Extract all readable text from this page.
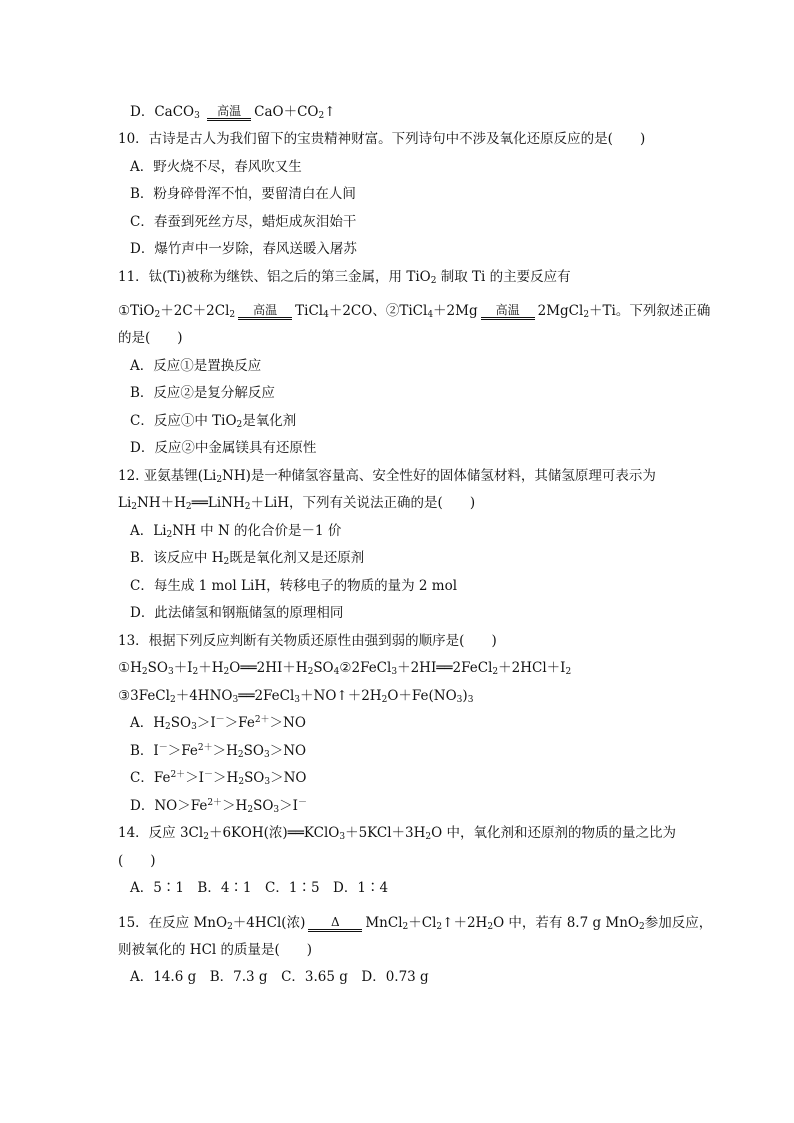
D．CaCO$_3$ 高温 $CaO+CO_2↑$
10．古诗是古人为我们留下的宝贵精神财富。下列诗句中不涉及氧化还原反应的是(　　)
A．野火烧不尽，春风吹又生
B．粉身碎骨浑不怕，要留清白在人间
C．春蚕到死丝方尽，蜡炬成灰泪始干
D．爆竹声中一岁除，春风送暖入屠苏
11．钛(Ti)被称为继铁、铝之后的第三金属，用 TiO$_2$ 制取 Ti 的主要反应有
$①TiO_2+2C+2Cl_2$ 高温 TiCl$_4$＋2CO、②TiCl$_4$＋2Mg 高温 2MgCl$_2$＋Ti。下列叙述正确
的是(　　)
A．反应①是置换反应
B．反应②是复分解反应
C．反应①中 TiO$_2$是氧化剂
D．反应②中金属镁具有还原性
12. 亚氨基锂$(Li_2NH)$是一种储氢容量高、安全性好的固体储氢材料，其储氢原理可表示为
$Li_2NH+H_2══LiNH_2+LiH$，下列有关说法正确的是(　　)
A．$Li_2NH$ 中 N 的化合价是－1 价
B．该反应中 $H_2$既是氧化剂又是还原剂
C．每生成 1 mol LiH，转移电子的物质的量为 2 mol
D．此法储氢和钢瓶储氢的原理相同
13．根据下列反应判断有关物质还原性由强到弱的顺序是(　　)
$①H_2SO_3+I_2+H_2O══2HI+H_2SO_4②2FeCl_3+2HI══2FeCl_2+2HCl+I_2$
$③3FeCl_2+4HNO_3══2FeCl_3+NO↑+2H_2O+Fe(NO_3)_3$
A．$H_2SO_3>I^->Fe^{2+}>NO$
B．$I^->Fe^{2+}>H_2SO_3>NO$
C．$Fe^{2+}>I^->H_2SO_3>NO$
D．$NO>Fe^{2+}>H_2SO_3>I^-$
14．反应 $3Cl_2+6KOH$(浓)$══KClO_3+5KCl+3H_2O$ 中，氧化剂和还原剂的物质的量之比为
(　　)
A．5∶1　B．4∶1　C．1∶5　D．1∶4
15．在反应 MnO$_2$＋4HCl(浓) Δ $MnCl_2+Cl_2↑+2H_2O$ 中，若有 8.7 g MnO$_2$参加反应，
则被氧化的 HCl 的质量是(　　)
A．14.6 g　B．7.3 g　C．3.65 g　D．0.73 g
